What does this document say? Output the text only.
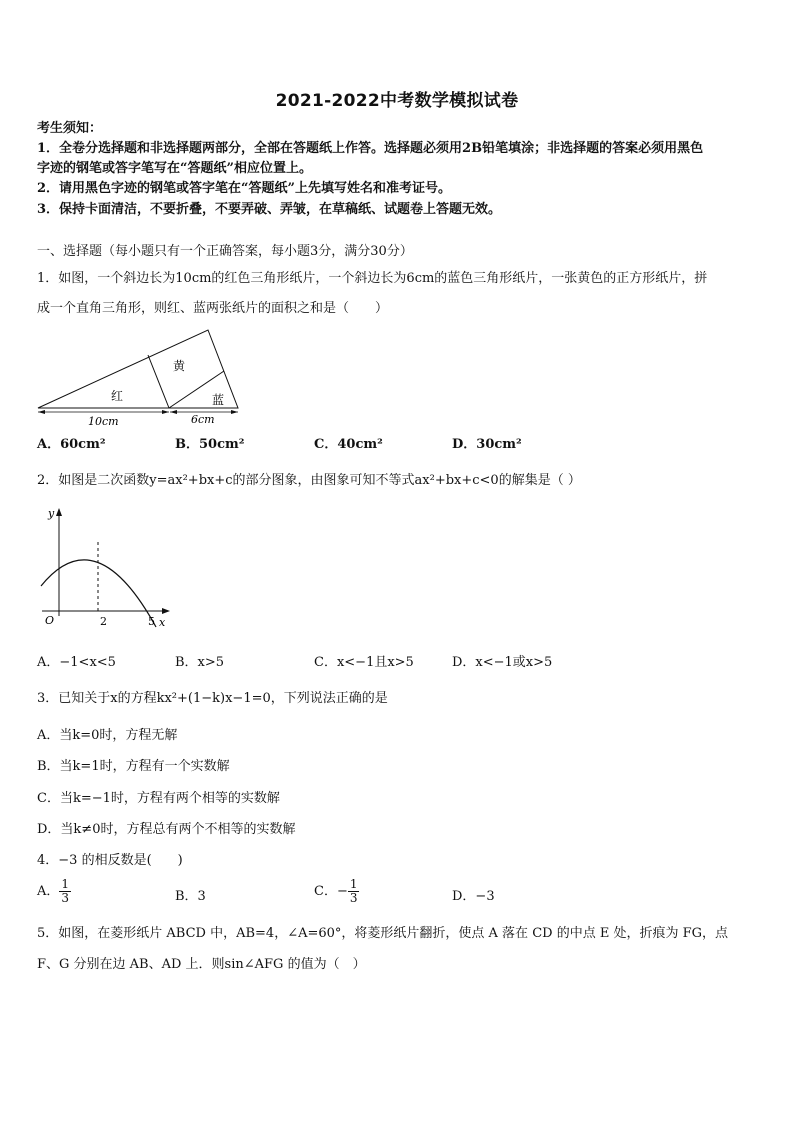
2021-2022中考数学模拟试卷
考生须知：
1．全卷分选择题和非选择题两部分，全部在答题纸上作答。选择题必须用2B铅笔填涂；非选择题的答案必须用黑色
字迹的钢笔或答字笔写在“答题纸”相应位置上。
2．请用黑色字迹的钢笔或答字笔在“答题纸”上先填写姓名和准考证号。
3．保持卡面清洁，不要折叠，不要弄破、弄皱，在草稿纸、试题卷上答题无效。
一、选择题（每小题只有一个正确答案，每小题3分，满分30分）
1．如图，一个斜边长为10cm的红色三角形纸片，一个斜边长为6cm的蓝色三角形纸片，一张黄色的正方形纸片，拼
成一个直角三角形，则红、蓝两张纸片的面积之和是（　　）
黄
红	蓝
10cm	6cm
A．60cm²	B．50cm²	C．40cm²	D．30cm²
2．如图是二次函数y=ax²+bx+c的部分图象，由图象可知不等式ax²+bx+c<0的解集是（ ）
y
x
O	2	5
A．−1<x<5	B．x>5	C．x<−1且x>5	D．x<−1或x>5
3．已知关于x的方程kx²+(1−k)x−1=0，下列说法正确的是
A．当k=0时，方程无解
B．当k=1时，方程有一个实数解
C．当k=−1时，方程有两个相等的实数解
D．当k≠0时，方程总有两个不相等的实数解
4．−3 的相反数是(　　)
A． $\frac{1}{3}$	B．3	C．− $\frac{1}{3}$	D．−3
5．如图，在菱形纸片 ABCD 中，AB=4，∠A=60°，将菱形纸片翻折，使点 A 落在 CD 的中点 E 处，折痕为 FG，点
F、G 分别在边 AB、AD 上．则sin∠AFG 的值为（　）
